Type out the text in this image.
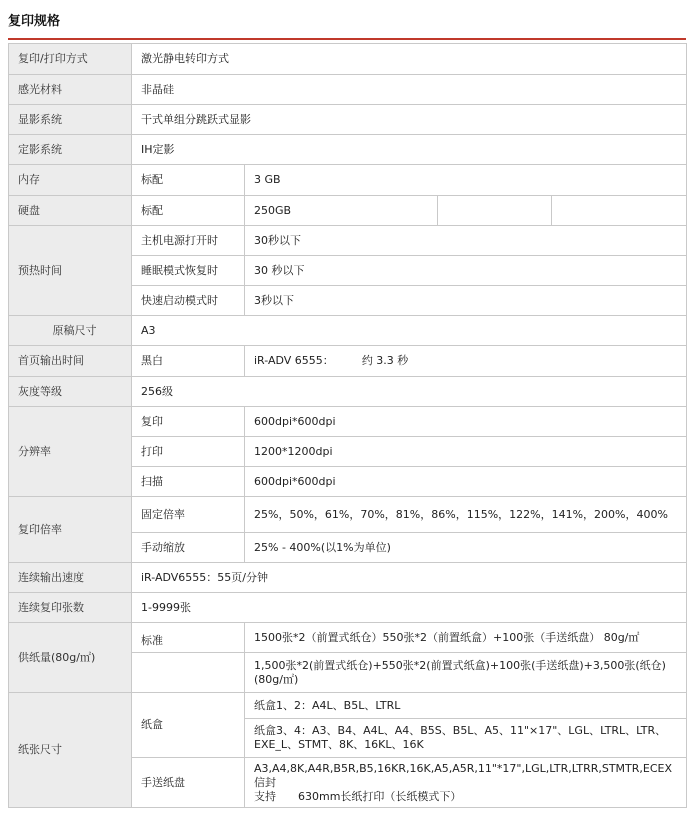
复印规格
复印/打印方式	激光静电转印方式			
感光材料	非晶硅			
显影系统	干式单组分跳跃式显影			
定影系统	IH定影			
内存	标配	3 GB		
硬盘	标配	250GB		
预热时间	主机电源打开时	30秒以下		
	睡眠模式恢复时	30 秒以下		
	快速启动模式时	3秒以下		
原稿尺寸	A3			
首页输出时间	黑白	iR-ADV 6555： 约 3.3 秒		
灰度等级	256级			
分辨率	复印	600dpi*600dpi		
	打印	1200*1200dpi		
	扫描	600dpi*600dpi		
复印倍率	固定倍率	25%，50%，61%，70%，81%，86%，115%，122%，141%，200%，400%		
	手动缩放	25% - 400%(以1%为单位)		
连续输出速度	iR-ADV6555：55页/分钟			
连续复印张数	1-9999张			
供纸量(80g/㎡)	标准	1500张*2（前置式纸仓）550张*2（前置纸盒）+100张（手送纸盘） 80g/㎡		
		1,500张*2(前置式纸仓)+550张*2(前置式纸盒)+100张(手送纸盘)+3,500张(纸仓)(80g/㎡)		
纸张尺寸	纸盒	纸盒1、2：A4L、B5L、LTRL		
		纸盒3、4：A3、B4、A4L、A4、B5S、B5L、A5、11"×17"、LGL、LTRL、LTR、EXE_L、STMT、8K、16KL、16K		
	手送纸盘	A3,A4,8K,A4R,B5R,B5,16KR,16K,A5,A5R,11"*17",LGL,LTR,LTRR,STMTR,ECEX
信封
支持　　630mm长纸打印（长纸模式下）		
